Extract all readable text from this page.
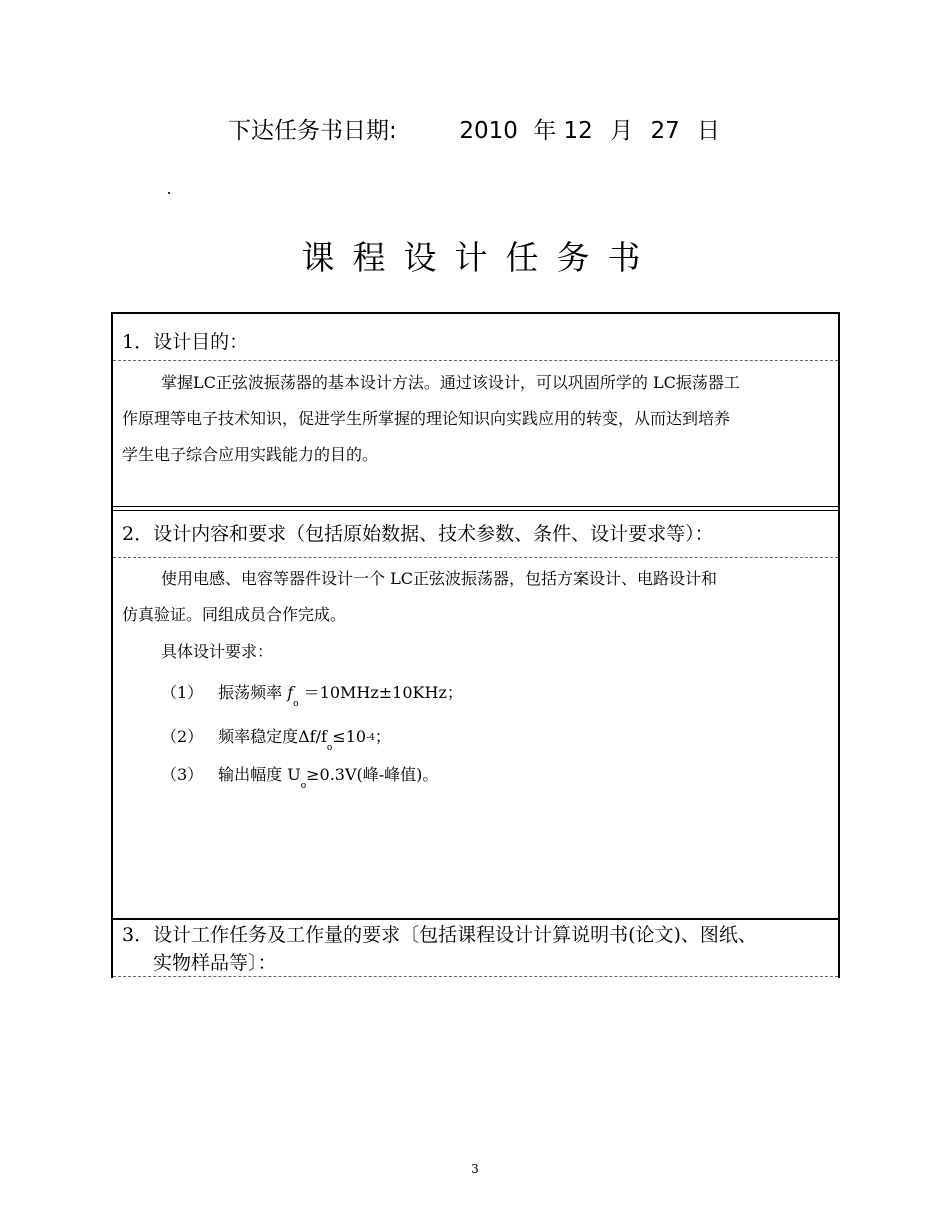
下达任务书日期:	2010 年 12 月 27 日
课程设计任务书
1．设计目的：
掌握LC正弦波振荡器的基本设计方法。通过该设计，可以巩固所学的 LC振荡器工
作原理等电子技术知识，促进学生所掌握的理论知识向实践应用的转变，从而达到培养
学生电子综合应用实践能力的目的。
2．设计内容和要求（包括原始数据、技术参数、条件、设计要求等）：
使用电感、电容等器件设计一个 LC正弦波振荡器，包括方案设计、电路设计和
仿真验证。同组成员合作完成。
具体设计要求：
（1） 振荡频率 $f_o =10MHz\pm 10KHz$；
（2） 频率稳定度$\Delta f/f_o\le 10^{-4}$；
（3） 输出幅度 $U_o\ge 0.3V$(峰-峰值)。
3．设计工作任务及工作量的要求〔包括课程设计计算说明书(论文)、图纸、
实物样品等〕：
3
